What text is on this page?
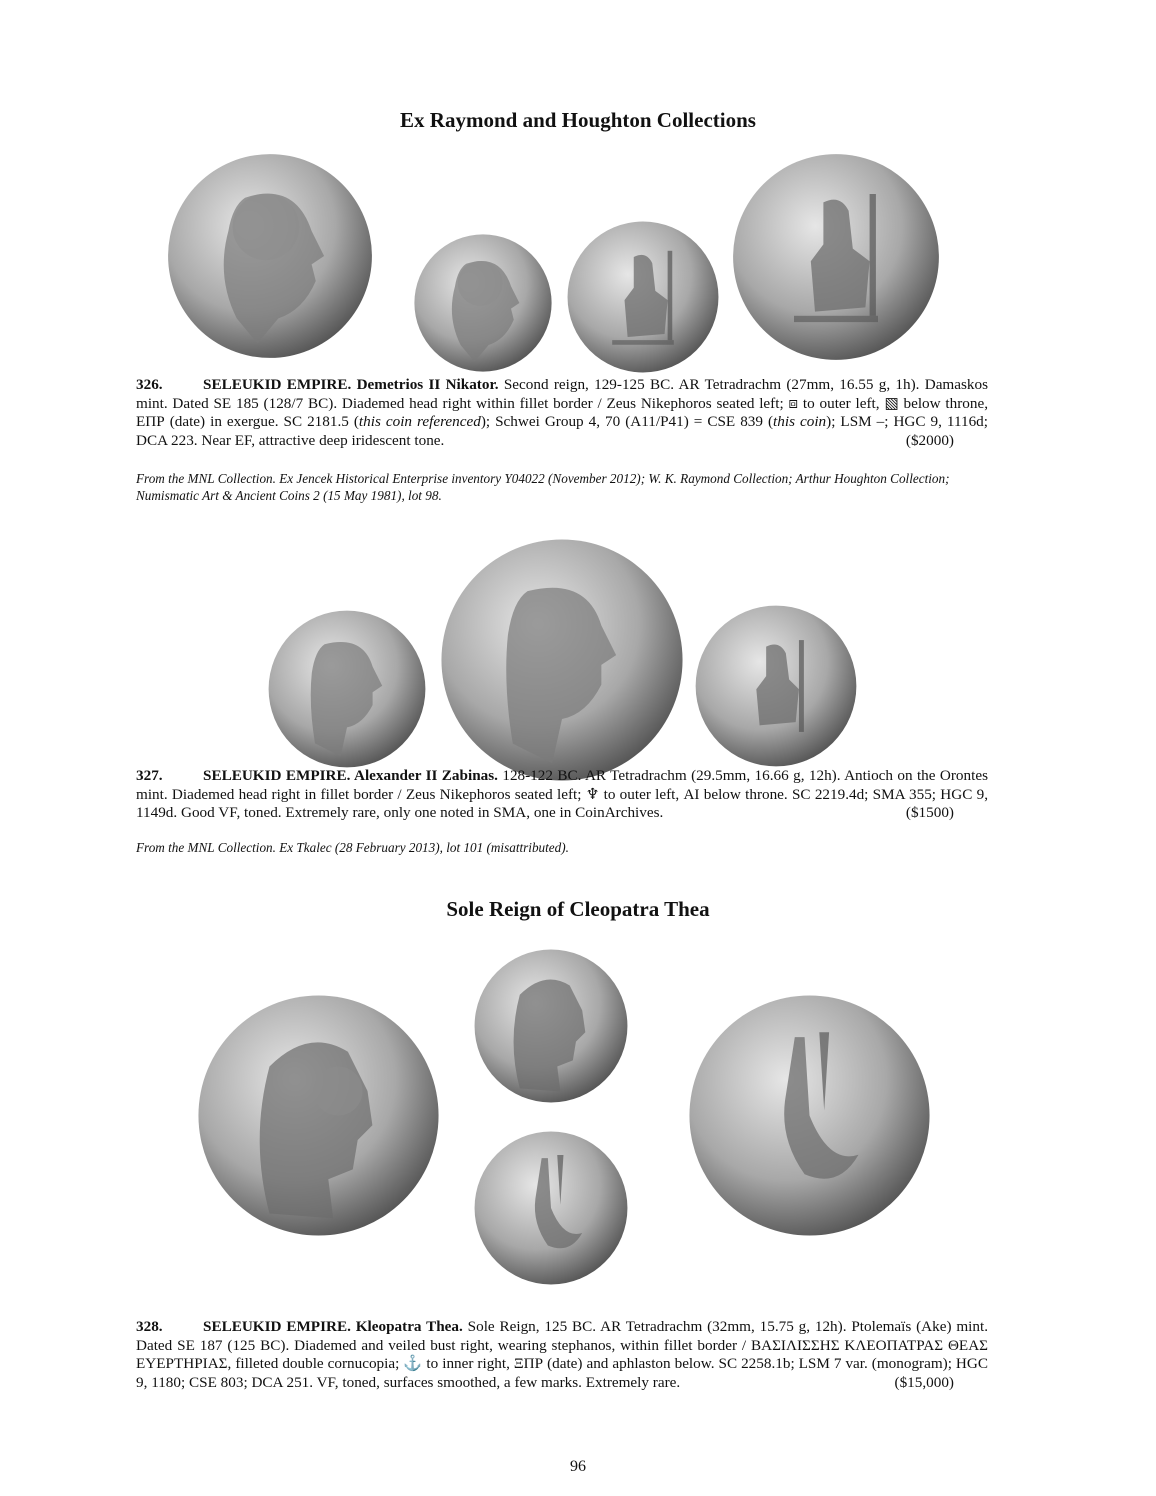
Ex Raymond and Houghton Collections

326.	SELEUKID EMPIRE. Demetrios II Nikator. Second reign, 129-125 BC. AR Tetradrachm (27mm, 16.55 g, 1h). Damaskos mint. Dated SE 185 (128/7 BC). Diademed head right within fillet border / Zeus Nikephoros seated left; ⧈ to outer left, ▧ below throne, ΕΠΡ (date) in exergue. SC 2181.5 (this coin referenced); Schwei Group 4, 70 (A11/P41) = CSE 839 (this coin); LSM –; HGC 9, 1116d; DCA 223. Near EF, attractive deep iridescent tone.	($2000)

From the MNL Collection. Ex Jencek Historical Enterprise inventory Y04022 (November 2012); W. K. Raymond Collection; Arthur Houghton Collection; Numismatic Art & Ancient Coins 2 (15 May 1981), lot 98.

327.	SELEUKID EMPIRE. Alexander II Zabinas. 128-122 BC. AR Tetradrachm (29.5mm, 16.66 g, 12h). Antioch on the Orontes mint. Diademed head right in fillet border / Zeus Nikephoros seated left; ♆ to outer left, ΑΙ below throne. SC 2219.4d; SMA 355; HGC 9, 1149d. Good VF, toned. Extremely rare, only one noted in SMA, one in CoinArchives.	($1500)

From the MNL Collection. Ex Tkalec (28 February 2013), lot 101 (misattributed).

Sole Reign of Cleopatra Thea

328.	SELEUKID EMPIRE. Kleopatra Thea. Sole Reign, 125 BC. AR Tetradrachm (32mm, 15.75 g, 12h). Ptolemaïs (Ake) mint. Dated SE 187 (125 BC). Diademed and veiled bust right, wearing stephanos, within fillet border / ΒΑΣΙΛΙΣΣΗΣ ΚΛΕΟΠΑΤΡΑΣ ΘΕΑΣ ΕΥΕΡΤΗΡΙΑΣ, filleted double cornucopia; ⚓ to inner right, ΞΠΡ (date) and aphlaston below. SC 2258.1b; LSM 7 var. (monogram); HGC 9, 1180; CSE 803; DCA 251. VF, toned, surfaces smoothed, a few marks. Extremely rare.	($15,000)

96
